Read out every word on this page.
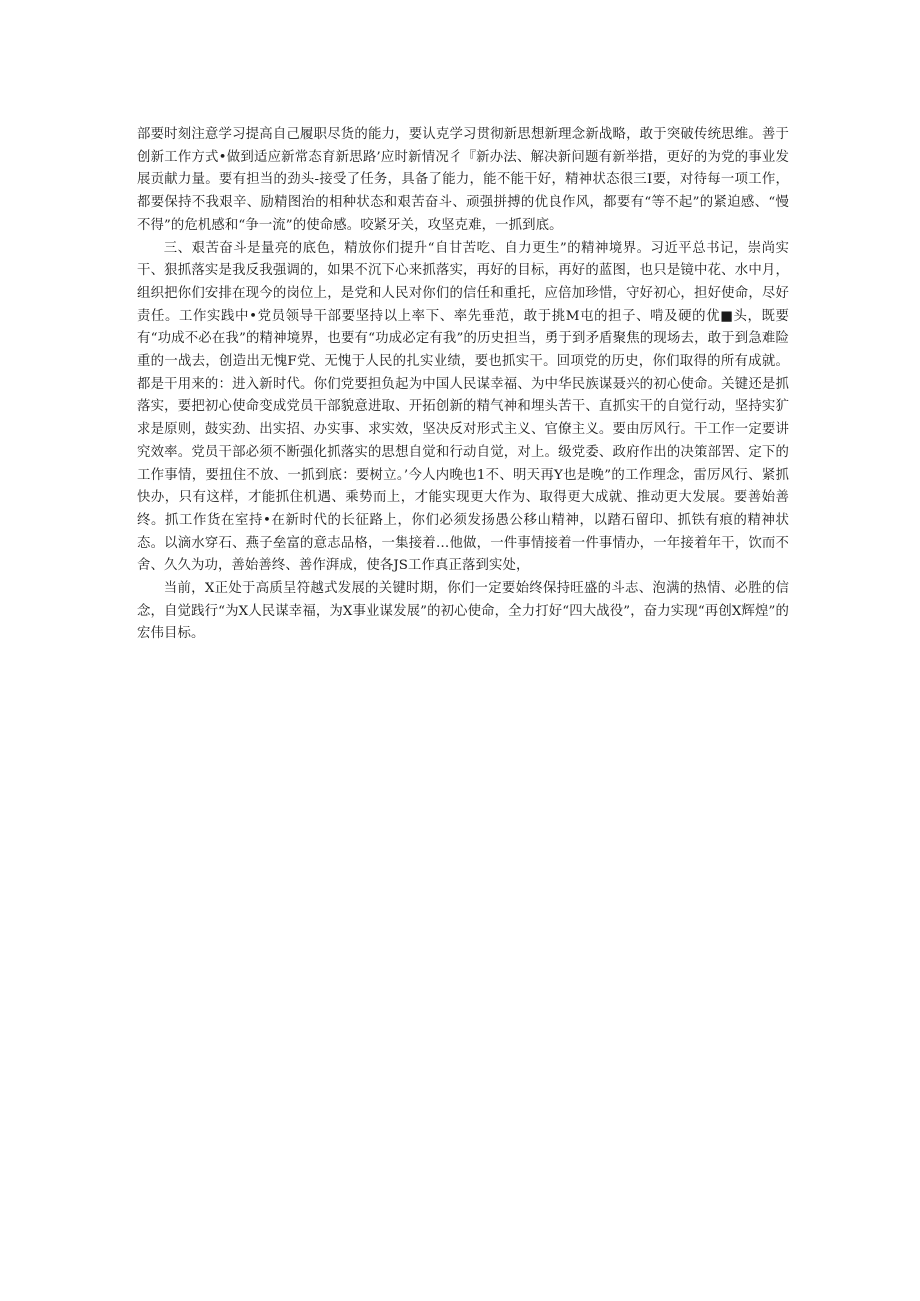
部要时刻注意学习提高自己履职尽货的能力，要认克学习贯彻新思想新理念新战略，敢于突破传统思维。善于创新工作方式•做到适应新常态育新思路’应时新情况彳『新办法、解决新问题有新举措，更好的为党的事业发展贡献力量。要有担当的劲头-接受了任务，具备了能力，能不能干好，精神状态很三I要，对待每一项工作，都要保持不我艰辛、励精图治的相种状态和艰苦奋斗、顽强拼搏的优良作风，都要有“等不起”的紧迫感、“慢不得”的危机感和“争一流”的使命感。咬紧牙关，攻坚克难，一抓到底。

三、艰苦奋斗是量亮的底色，精放你们提升“自甘苦吃、自力更生”的精神境界。习近平总书记，崇尚实干、狠抓落实是我反我强调的，如果不沉下心来抓落实，再好的目标，再好的蓝图，也只是镜中花、水中月，组织把你们安排在现今的岗位上，是党和人民对你们的信任和重托，应倍加珍惜，守好初心，担好使命，尽好责任。工作实践中•党员领导干部要坚持以上率下、率先垂范，敢于挑M屯的担子、啃及硬的优■头，既要有“功成不必在我”的精神境界，也要有“功成必定有我”的历史担当，勇于到矛盾聚焦的现场去，敢于到急难险重的一战去，创造出无愧F党、无愧于人民的扎实业绩，要也抓实干。回项党的历史，你们取得的所有成就。都是干用来的：进入新时代。你们党要担负起为中国人民谋幸福、为中华民族谋聂兴的初心使命。关键还是抓落实，要把初心使命变成党员干部貌意进取、开拓创新的精气神和埋头苦干、直抓实干的自觉行动，坚持实犷求是原则，鼓实劲、出实招、办实事、求实效，坚决反对形式主义、官僚主义。要由厉风行。干工作一定要讲究效率。党员干部必须不断强化抓落实的思想自觉和行动自觉，对上。级党委、政府作出的决策部罟、定下的工作事情，要扭住不放、一抓到底：要树立。’今人内晚也1不、明天再Y也是晚”的工作理念，雷厉风行、紧抓快办，只有这样，才能抓住机遇、乘势而上，才能实现更大作为、取得更大成就、推动更大发展。要善始善终。抓工作货在室持•在新时代的长征路上，你们必须发扬愚公移山精神，以踏石留印、抓铁有痕的精神状态。以滴水穿石、燕子垒富的意志品格，一集接着…他做，一件事情接着一件事情办，一年接着年干，饮而不舍、久久为功，善始善终、善作湃成，使各JS工作真正落到实处，

当前，X正处于高质呈符越式发展的关键时期，你们一定要始终保持旺盛的斗志、泡满的热情、必胜的信念，自觉践行“为X人民谋幸福，为X事业谋发展”的初心使命，全力打好“四大战役”，奋力实现“再创X辉煌”的宏伟目标。
